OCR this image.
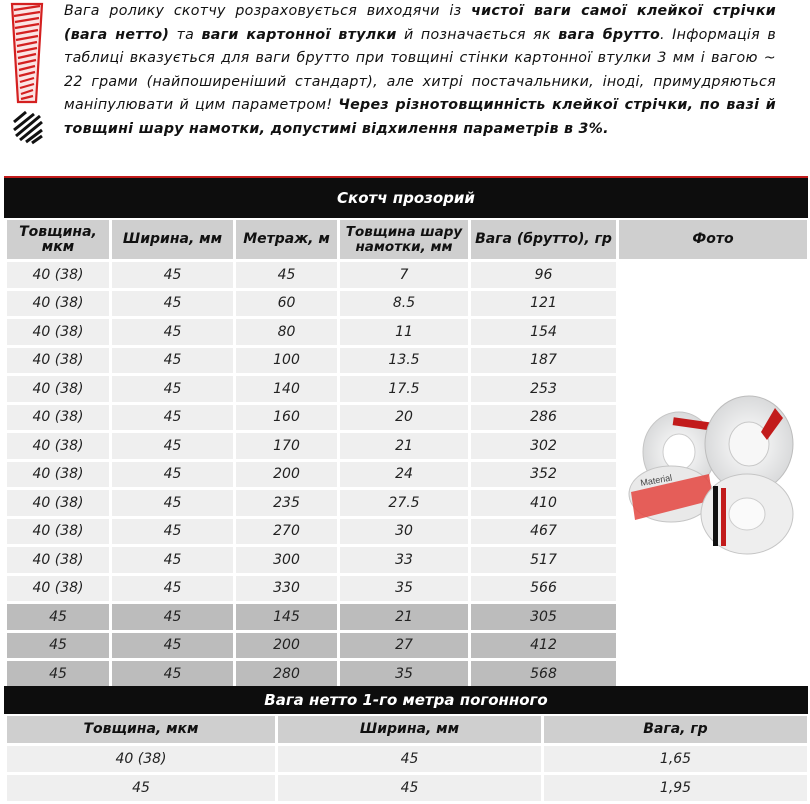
Вага ролику скотчу розраховується виходячи із чистої ваги самої клейкої стрічки (вага нетто) та ваги картонної втулки й позначається як вага брутто. Інформація в таблиці вказується для ваги брутто при товщині стінки картонної втулки 3 мм і вагою ~ 22 грами (найпоширеніший стандарт), але хитрі постачальники, іноді, примудряються маніпулювати й цим параметром! Через різнотовщинність клейкої стрічки, по вазі й товщині шару намотки, допустимі відхилення параметрів в 3%.
Скотч прозорий
Товщина, мкм	Ширина, мм	Метраж, м	Товщина шару намотки, мм	Вага (брутто), гр	Фото
40 (38)	45	45	7	96	Material

40 (38)	45	60	8.5	121	
40 (38)	45	80	11	154	
40 (38)	45	100	13.5	187	
40 (38)	45	140	17.5	253	
40 (38)	45	160	20	286	
40 (38)	45	170	21	302	
40 (38)	45	200	24	352	
40 (38)	45	235	27.5	410	
40 (38)	45	270	30	467	
40 (38)	45	300	33	517	
40 (38)	45	330	35	566	
45	45	145	21	305	
45	45	200	27	412	
45	45	280	35	568	
Вага нетто 1-го метра погонного
Товщина, мкм	Ширина, мм	Вага, гр
40 (38)	45	1,65
45	45	1,95
